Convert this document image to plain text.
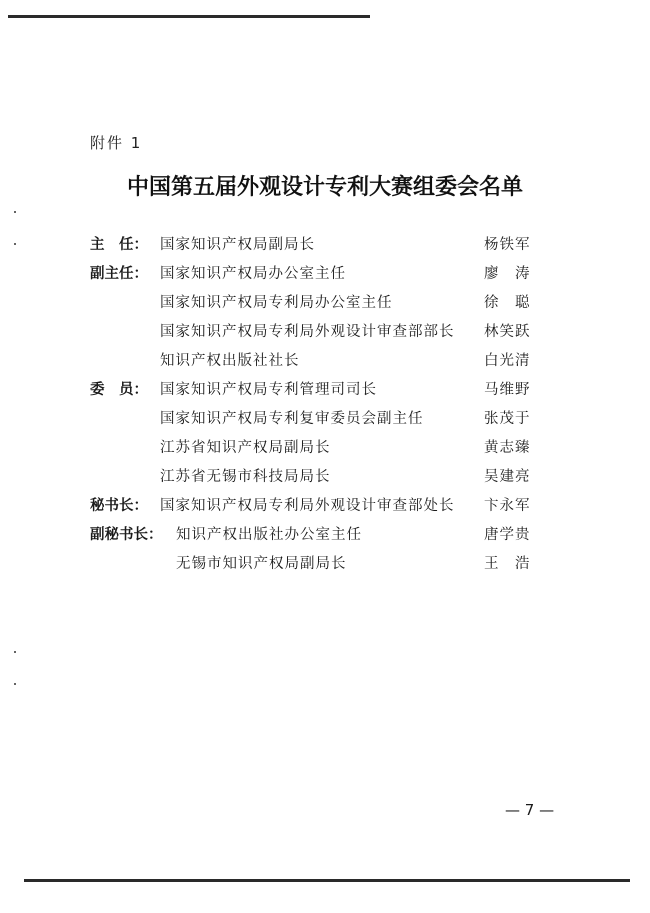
附件 1
中国第五届外观设计专利大赛组委会名单
主　任： 国家知识产权局副局长	杨铁军
副主任： 国家知识产权局办公室主任	廖　涛
国家知识产权局专利局办公室主任	徐　聪
国家知识产权局专利局外观设计审查部部长 林笑跃
知识产权出版社社长	白光清
委　员： 国家知识产权局专利管理司司长	马维野
国家知识产权局专利复审委员会副主任	张茂于
江苏省知识产权局副局长	黄志臻
江苏省无锡市科技局局长	吴建亮
秘书长： 国家知识产权局专利局外观设计审查部处长 卞永军
副秘书长： 知识产权出版社办公室主任	唐学贵
无锡市知识产权局副局长	王　浩
— 7 —
